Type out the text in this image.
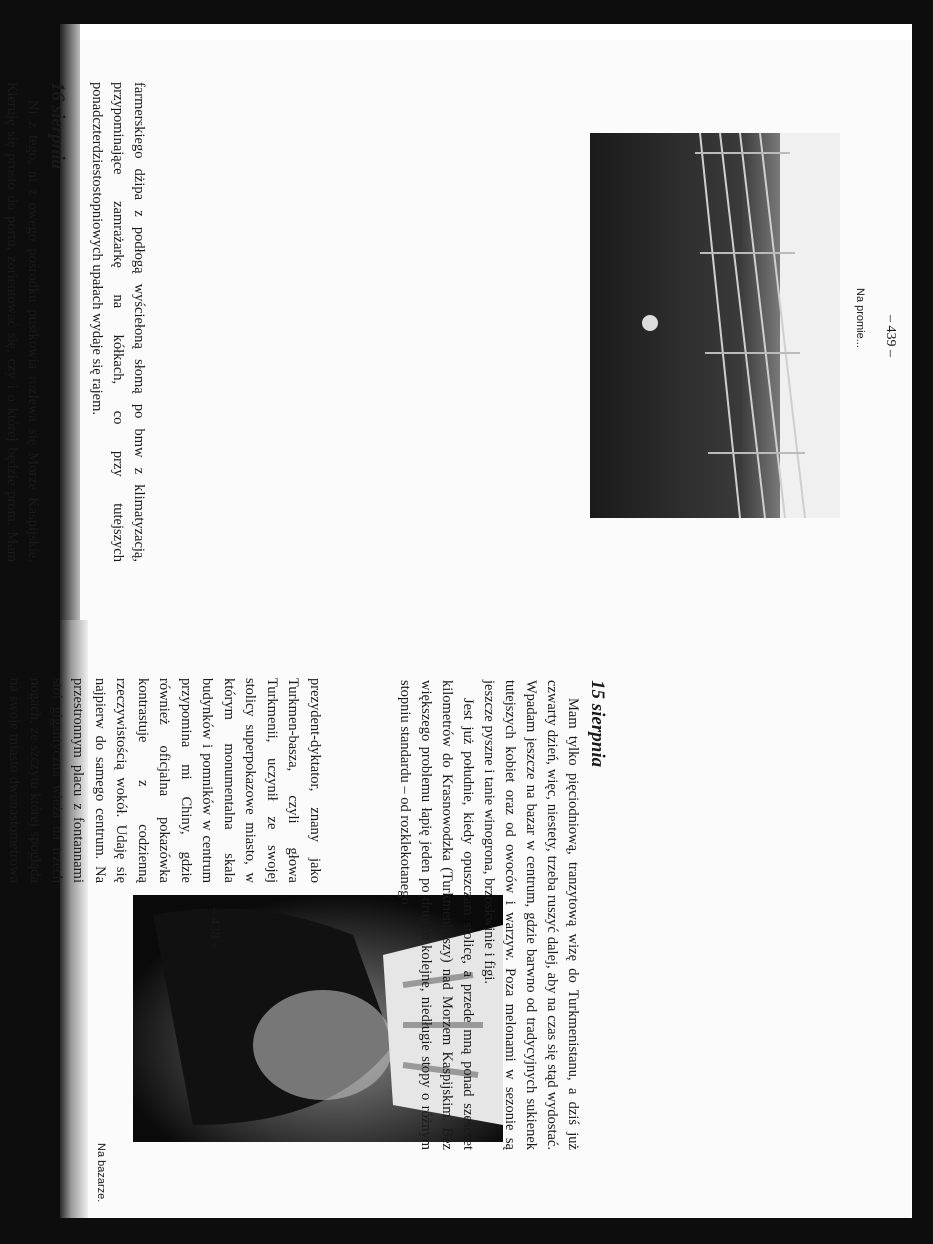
Na bazarze.

prezydent-dyktator, znany jako Turkmen-basza, czyli głowa Turkmenii, uczynił ze swojej stolicy superpokazowe miasto, w którym monumentalna skala budynków i pomników w centrum przypomina mi Chiny, gdzie również oficjalna pokazówka kontrastuje z codzienną rzeczywistością wokół. Udaję się najpierw do samego centrum. Na przestronnym placu z fontannami stoi gigantyczna wieża na trzech nogach, ze szczytu której spogląda na swoje miasto dwunastometrowa

15 sierpnia

Mam tylko pięciodniową, tranzytową wizę do Turkmenistanu, a dziś już czwarty dzień, więc, niestety, trzeba ruszyć dalej, aby na czas się stąd wydostać. Wpadam jeszcze na bazar w centrum, gdzie barwno od tradycyjnych sukienek tutejszych kobiet oraz od owoców i warzyw. Poza melonami w sezonie są jeszcze pyszne i tanie winogrona, brzoskwinie i figi.

Jest już południe, kiedy opuszczam stolicę, a przede mną ponad sześćset kilometrów do Krasnowodzka (Turkmenbaszy) nad Morzem Kaspijskim. Bez większego problemu łapię jeden po drugim kolejne, niedługie stopy o różnym stopniu standardu – od rozklekotanego

– 438 –

farmerskiego dżipa z podłogą wyściełoną słomą po bmw z klimatyzacją, przypominające zamrażarkę na kółkach, co przy tutejszych ponadczterdziestostopniowych upałach wydaje się rajem.

16 sierpnia

Ni z tego, ni z owego pośrodku pustkowia rozlewa się Morze Kaspijskie. Kieruję się prosto do portu, zorientować się, czy i o której będzie prom. Mam

Na promie... – 439 –
